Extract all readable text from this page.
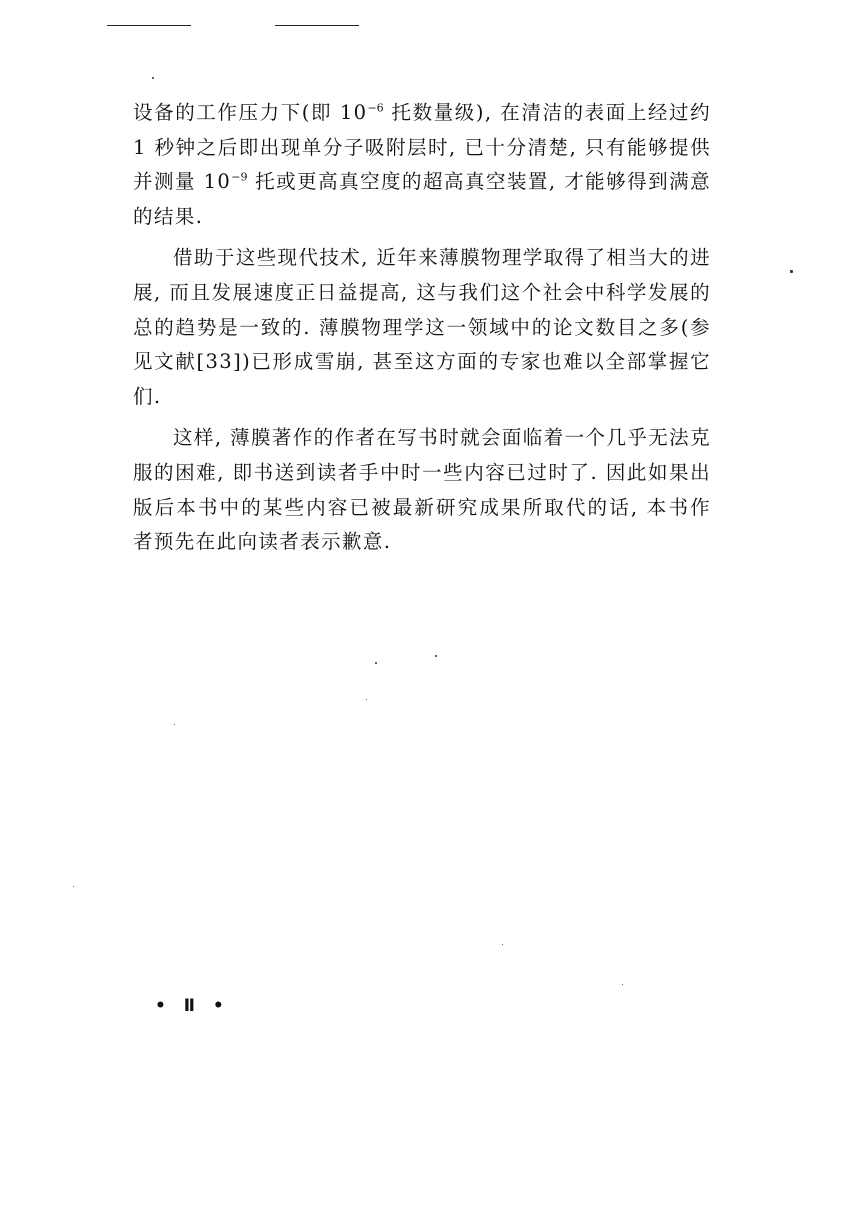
设备的工作压力下(即 $10^{-6}$ 托数量级), 在清洁的表面上经过约 1 秒钟之后即出现单分子吸附层时, 已十分清楚, 只有能够提供并测量 $10^{-9}$ 托或更高真空度的超高真空装置, 才能够得到满意的结果.

借助于这些现代技术, 近年来薄膜物理学取得了相当大的进展, 而且发展速度正日益提高, 这与我们这个社会中科学发展的总的趋势是一致的. 薄膜物理学这一领域中的论文数目之多(参见文献[33])已形成雪崩, 甚至这方面的专家也难以全部掌握它们.

这样, 薄膜著作的作者在写书时就会面临着一个几乎无法克服的困难, 即书送到读者手中时一些内容已过时了. 因此如果出版后本书中的某些内容已被最新研究成果所取代的话, 本书作者预先在此向读者表示歉意.

• Ⅱ •
